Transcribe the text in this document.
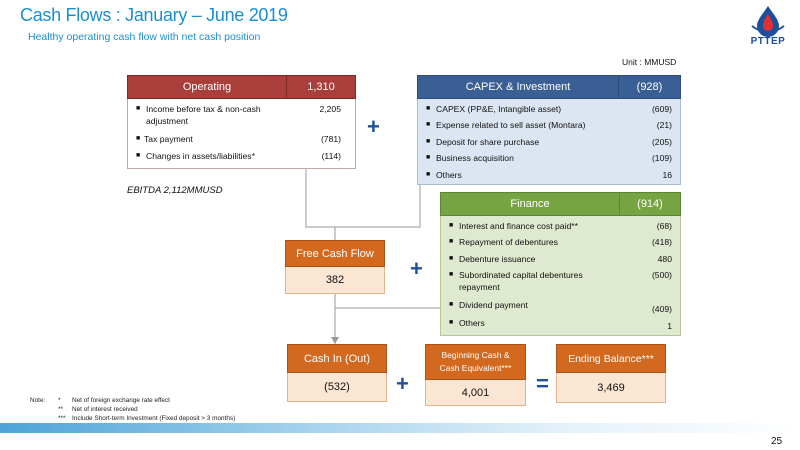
Cash Flows : January – June 2019
Healthy operating cash flow with net cash position
Unit : MMUSD
PTTEP
Operating	1,310
■ Income before tax & non-cash	2,205
adjustment
■ Tax payment	(781)
■ Changes in assets/liabilities*	(114)
EBITDA 2,112MMUSD
CAPEX & Investment	(928)
■ CAPEX (PP&E, Intangible asset)	(609)
■ Expense related to sell asset (Montara)	(21)
■ Deposit for share purchase	(205)
■ Business acquisition	(109)
■ Others	16
+
Finance	(914)
■ Interest and finance cost paid**	(68)
■ Repayment of debentures	(418)
■ Debenture issuance	480
■ Subordinated capital debentures	(500)
repayment
■ Dividend payment	(409)
■ Others	1
Free Cash Flow
382	+
Cash In (Out)
(532)	+
Beginning Cash &
Cash Equivalent***
4,001	=
Ending Balance***
3,469
Note: * Net of foreign exchange rate effect
** Net of interest received
*** Include Short-term Investment (Fixed deposit > 3 months)
25
